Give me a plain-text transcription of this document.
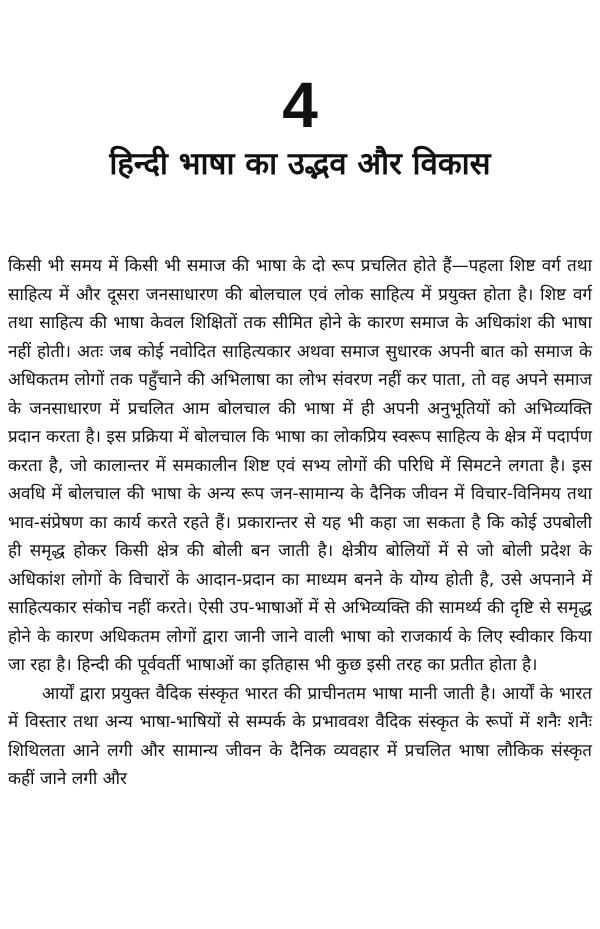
4
हिन्दी भाषा का उद्भव और विकास

किसी भी समय में किसी भी समाज की भाषा के दो रूप प्रचलित होते हैं—पहला शिष्ट वर्ग तथा साहित्य में और दूसरा जनसाधारण की बोलचाल एवं लोक साहित्य में प्रयुक्त होता है। शिष्ट वर्ग तथा साहित्य की भाषा केवल शिक्षितों तक सीमित होने के कारण समाज के अधिकांश की भाषा नहीं होती। अतः जब कोई नवोदित साहित्यकार अथवा समाज सुधारक अपनी बात को समाज के अधिकतम लोगों तक पहुँचाने की अभिलाषा का लोभ संवरण नहीं कर पाता, तो वह अपने समाज के जनसाधारण में प्रचलित आम बोलचाल की भाषा में ही अपनी अनुभूतियों को अभिव्यक्ति प्रदान करता है। इस प्रक्रिया में बोलचाल कि भाषा का लोकप्रिय स्वरूप साहित्य के क्षेत्र में पदार्पण करता है, जो कालान्तर में समकालीन शिष्ट एवं सभ्य लोगों की परिधि में सिमटने लगता है। इस अवधि में बोलचाल की भाषा के अन्य रूप जन-सामान्य के दैनिक जीवन में विचार-विनिमय तथा भाव-संप्रेषण का कार्य करते रहते हैं। प्रकारान्तर से यह भी कहा जा सकता है कि कोई उपबोली ही समृद्ध होकर किसी क्षेत्र की बोली बन जाती है। क्षेत्रीय बोलियों में से जो बोली प्रदेश के अधिकांश लोगों के विचारों के आदान-प्रदान का माध्यम बनने के योग्य होती है, उसे अपनाने में साहित्यकार संकोच नहीं करते। ऐसी उप-भाषाओं में से अभिव्यक्ति की सामर्थ्य की दृष्टि से समृद्ध होने के कारण अधिकतम लोगों द्वारा जानी जाने वाली भाषा को राजकार्य के लिए स्वीकार किया जा रहा है। हिन्दी की पूर्ववर्ती भाषाओं का इतिहास भी कुछ इसी तरह का प्रतीत होता है।

आर्यों द्वारा प्रयुक्त वैदिक संस्कृत भारत की प्राचीनतम भाषा मानी जाती है। आर्यों के भारत में विस्तार तथा अन्य भाषा-भाषियों से सम्पर्क के प्रभाववश वैदिक संस्कृत के रूपों में शनैः शनैः शिथिलता आने लगी और सामान्य जीवन के दैनिक व्यवहार में प्रचलित भाषा लौकिक संस्कृत कहीं जाने लगी और
